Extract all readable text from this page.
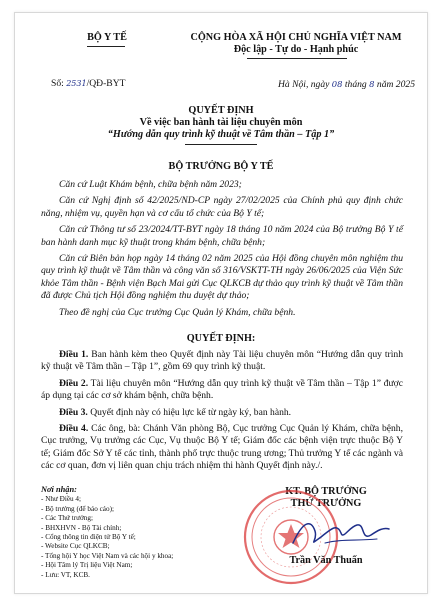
BỘ Y TẾ	CỘNG HÒA XÃ HỘI CHỦ NGHĨA VIỆT NAM
Độc lập - Tự do - Hạnh phúc
Số: 2531/QĐ-BYT	Hà Nội, ngày 08 tháng 8 năm 2025
QUYẾT ĐỊNH
Về việc ban hành tài liệu chuyên môn
“Hướng dẫn quy trình kỹ thuật về Tâm thần – Tập 1”
BỘ TRƯỞNG BỘ Y TẾ
Căn cứ Luật Khám bệnh, chữa bệnh năm 2023;
Căn cứ Nghị định số 42/2025/ND-CP ngày 27/02/2025 của Chính phủ quy định chức năng, nhiệm vụ, quyền hạn và cơ cấu tổ chức của Bộ Y tế;
Căn cứ Thông tư số 23/2024/TT-BYT ngày 18 tháng 10 năm 2024 của Bộ trưởng Bộ Y tế ban hành danh mục kỹ thuật trong khám bệnh, chữa bệnh;
Căn cứ Biên bản họp ngày 14 tháng 02 năm 2025 của Hội đồng chuyên môn nghiệm thu quy trình kỹ thuật về Tâm thần và công văn số 316/VSKTT-TH ngày 26/06/2025 của Viện Sức khỏe Tâm thần - Bệnh viện Bạch Mai gửi Cục QLKCB dự thảo quy trình kỹ thuật về Tâm thần đã được Chủ tịch Hội đồng nghiệm thu duyệt dự thảo;
Theo đề nghị của Cục trưởng Cục Quản lý Khám, chữa bệnh.
QUYẾT ĐỊNH:
Điều 1. Ban hành kèm theo Quyết định này Tài liệu chuyên môn “Hướng dẫn quy trình kỹ thuật về Tâm thần – Tập 1”, gồm 69 quy trình kỹ thuật.
Điều 2. Tài liệu chuyên môn “Hướng dẫn quy trình kỹ thuật về Tâm thần – Tập 1” được áp dụng tại các cơ sở khám bệnh, chữa bệnh.
Điều 3. Quyết định này có hiệu lực kể từ ngày ký, ban hành.
Điều 4. Các ông, bà: Chánh Văn phòng Bộ, Cục trưởng Cục Quản lý Khám, chữa bệnh, Cục trưởng, Vụ trưởng các Cục, Vụ thuộc Bộ Y tế; Giám đốc các bệnh viện trực thuộc Bộ Y tế; Giám đốc Sở Y tế các tỉnh, thành phố trực thuộc trung ương; Thủ trưởng Y tế các ngành và các cơ quan, đơn vị liên quan chịu trách nhiệm thi hành Quyết định này./.
Nơi nhận:
- Như Điều 4;
- Bộ trưởng (để báo cáo);
- Các Thứ trưởng;
- BHXHVN - Bộ Tài chính;
- Cổng thông tin điện tử Bộ Y tế;
- Website Cục QLKCB;
- Tổng hội Y học Việt Nam và các hội y khoa;
- Hội Tâm lý Trị liệu Việt Nam;
- Lưu: VT, KCB.
KT. BỘ TRƯỞNG
THỨ TRƯỞNG
Trần Văn Thuấn
